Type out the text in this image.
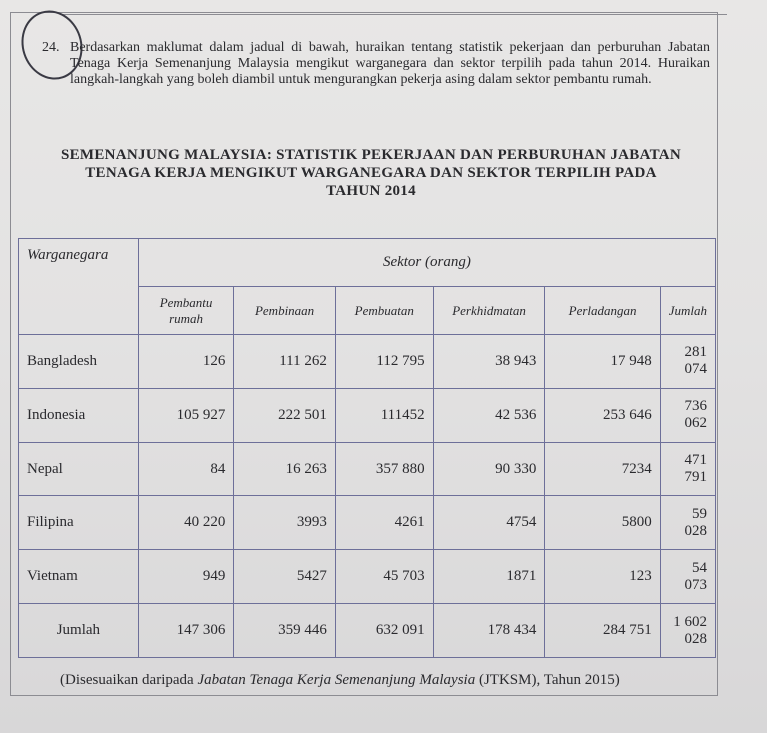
24. Berdasarkan maklumat dalam jadual di bawah, huraikan tentang statistik pekerjaan dan perburuhan Jabatan Tenaga Kerja Semenanjung Malaysia mengikut warganegara dan sektor terpilih pada tahun 2014. Huraikan langkah-langkah yang boleh diambil untuk mengurangkan pekerja asing dalam sektor pembantu rumah.
SEMENANJUNG MALAYSIA: STATISTIK PEKERJAAN DAN PERBURUHAN JABATAN
TENAGA KERJA MENGIKUT WARGANEGARA DAN SEKTOR TERPILIH PADA
TAHUN 2014
Warganegara	Sektor (orang)					
	Pembantu rumah	Pembinaan	Pembuatan	Perkhidmatan	Perladangan	Jumlah
Bangladesh	126	111 262	112 795	38 943	17 948	281 074
Indonesia	105 927	222 501	111452	42 536	253 646	736 062
Nepal	84	16 263	357 880	90 330	7234	471 791
Filipina	40 220	3993	4261	4754	5800	59 028
Vietnam	949	5427	45 703	1871	123	54 073
Jumlah	147 306	359 446	632 091	178 434	284 751	1 602 028
(Disesuaikan daripada Jabatan Tenaga Kerja Semenanjung Malaysia (JTKSM), Tahun 2015)
